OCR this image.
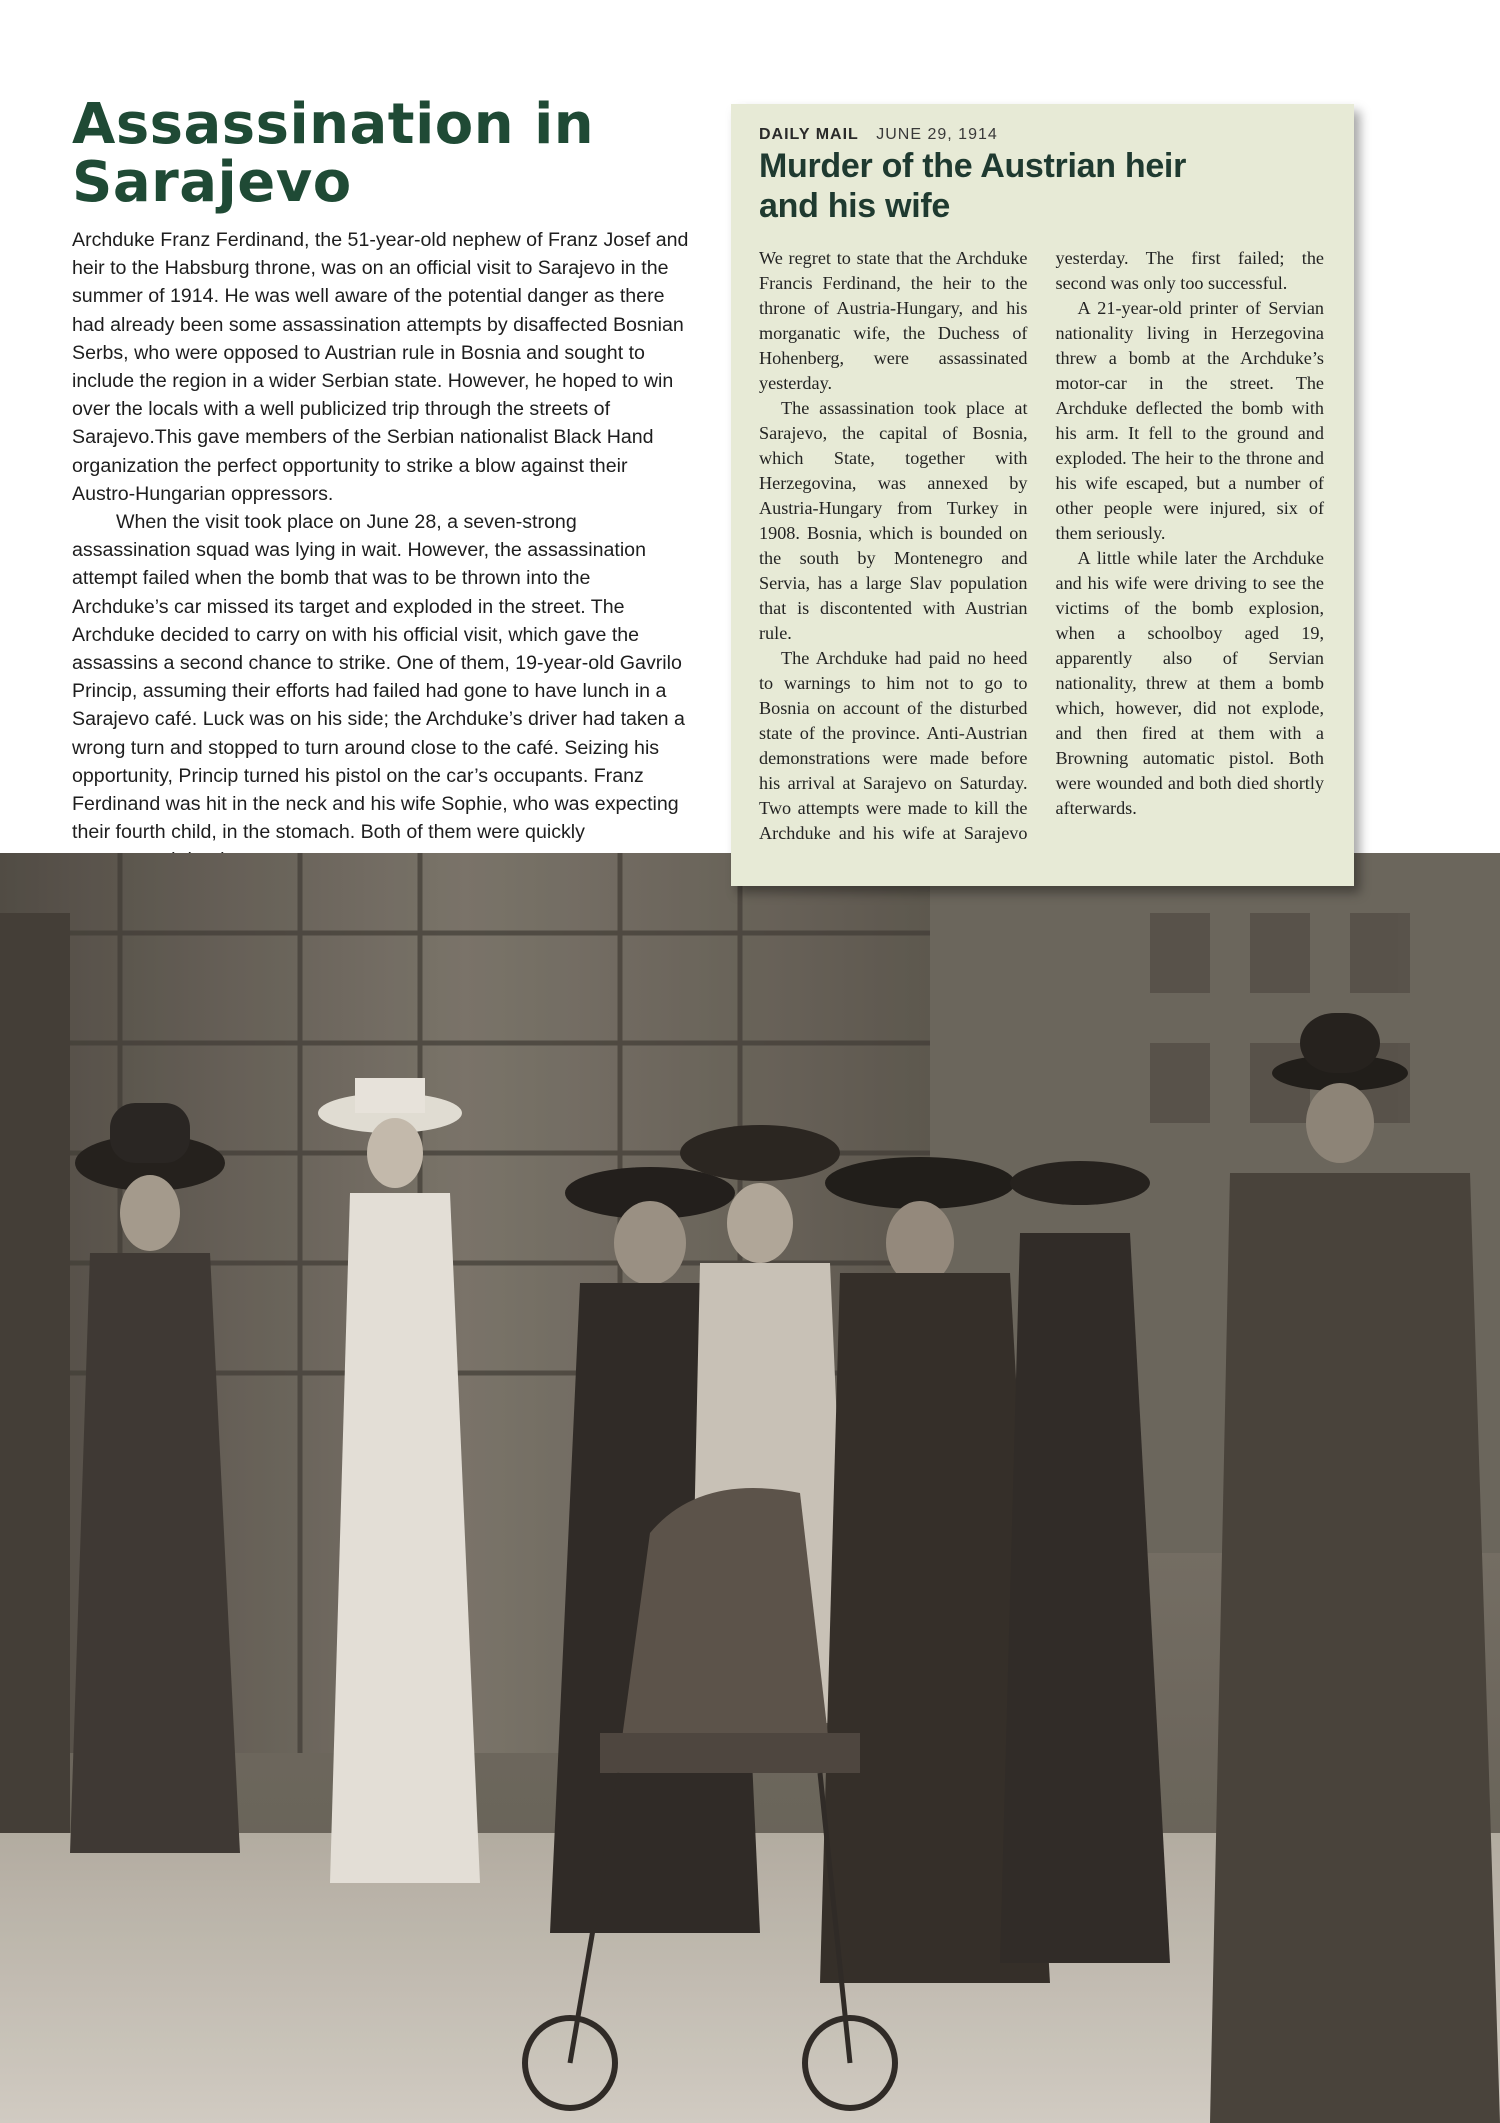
Assassination in
Sarajevo

Archduke Franz Ferdinand, the 51-year-old nephew of Franz Josef and heir to the Habsburg throne, was on an official visit to Sarajevo in the summer of 1914. He was well aware of the potential danger as there had already been some assassination attempts by disaffected Bosnian Serbs, who were opposed to Austrian rule in Bosnia and sought to include the region in a wider Serbian state. However, he hoped to win over the locals with a well publicized trip through the streets of Sarajevo.This gave members of the Serbian nationalist Black Hand organization the perfect opportunity to strike a blow against their Austro-Hungarian oppressors.

When the visit took place on June 28, a seven-strong assassination squad was lying in wait. However, the assassination attempt failed when the bomb that was to be thrown into the Archduke’s car missed its target and exploded in the street. The Archduke decided to carry on with his official visit, which gave the assassins a second chance to strike. One of them, 19-year-old Gavrilo Princip, assuming their efforts had failed had gone to have lunch in a Sarajevo café. Luck was on his side; the Archduke’s driver had taken a wrong turn and stopped to turn around close to the café. Seizing his opportunity, Princip turned his pistol on the car’s occupants. Franz Ferdinand was hit in the neck and his wife Sophie, who was expecting their fourth child, in the stomach. Both of them were quickly

DAILY MAIL JUNE 29, 1914
Murder of the Austrian heir
and his wife

We regret to state that the Archduke Francis Ferdinand, the heir to the throne of Austria-Hungary, and his morganatic wife, the Duchess of Hohenberg, were assassinated yesterday.

The assassination took place at Sarajevo, the capital of Bosnia, which State, together with Herzegovina, was annexed by Austria-Hungary from Turkey in 1908. Bosnia, which is bounded on the south by Montenegro and Servia, has a large Slav population that is discontented with Austrian rule.

The Archduke had paid no heed to warnings to him not to go to Bosnia on account of the disturbed state of the province. Anti-Austrian demonstrations were made before his arrival at Sarajevo on Saturday. Two attempts were made to kill the Archduke and his wife at Sarajevo yesterday. The first failed; the second was only too successful.

A 21-year-old printer of Servian nationality living in Herzegovina threw a bomb at the Archduke’s motor-car in the street. The Archduke deflected the bomb with his arm. It fell to the ground and exploded. The heir to the throne and his wife escaped, but a number of other people were injured, six of them seriously.

A little while later the Archduke and his wife were driving to see the victims of the bomb explosion, when a schoolboy aged 19, apparently also of Servian nationality, threw at them a bomb which, however, did not explode, and then fired at them with a Browning automatic pistol. Both were wounded and both died shortly afterwards.
